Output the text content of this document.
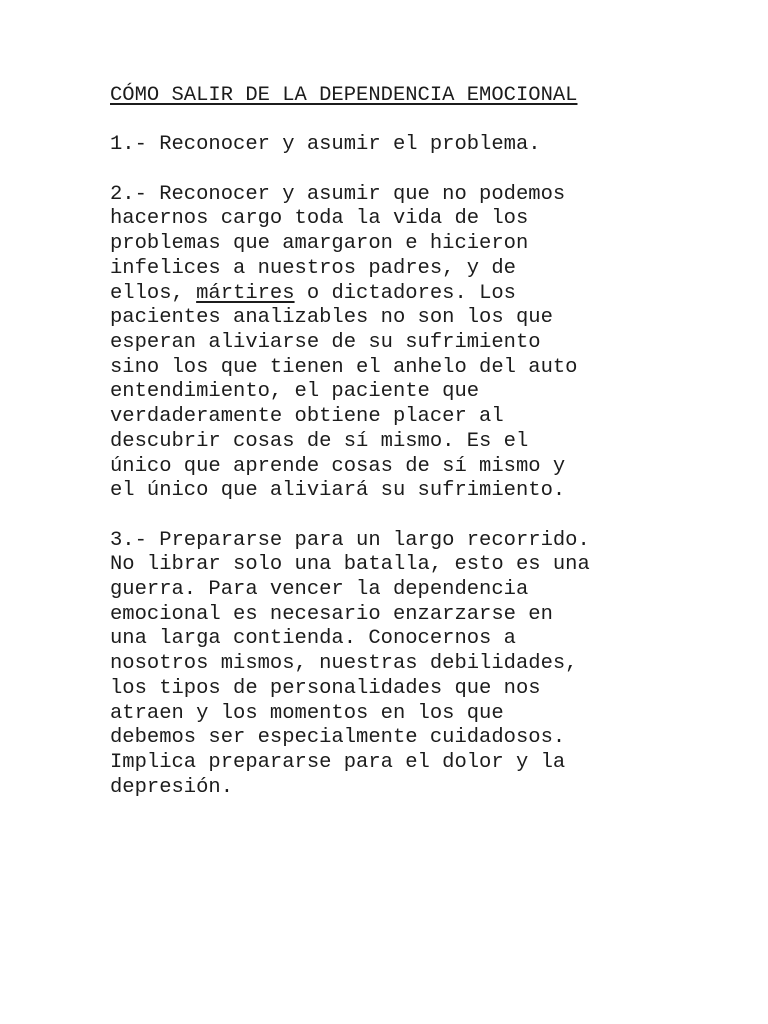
CÓMO SALIR DE LA DEPENDENCIA EMOCIONAL
1.- Reconocer y asumir el problema.
2.- Reconocer y asumir que no podemos
hacernos cargo toda la vida de los
problemas que amargaron e hicieron
infelices a nuestros padres, y de
ellos, mártires o dictadores. Los
pacientes analizables no son los que
esperan aliviarse de su sufrimiento
sino los que tienen el anhelo del auto
entendimiento, el paciente que
verdaderamente obtiene placer al
descubrir cosas de sí mismo. Es el
único que aprende cosas de sí mismo y
el único que aliviará su sufrimiento.
3.- Prepararse para un largo recorrido.
No librar solo una batalla, esto es una
guerra. Para vencer la dependencia
emocional es necesario enzarzarse en
una larga contienda. Conocernos a
nosotros mismos, nuestras debilidades,
los tipos de personalidades que nos
atraen y los momentos en los que
debemos ser especialmente cuidadosos.
Implica prepararse para el dolor y la
depresión.
